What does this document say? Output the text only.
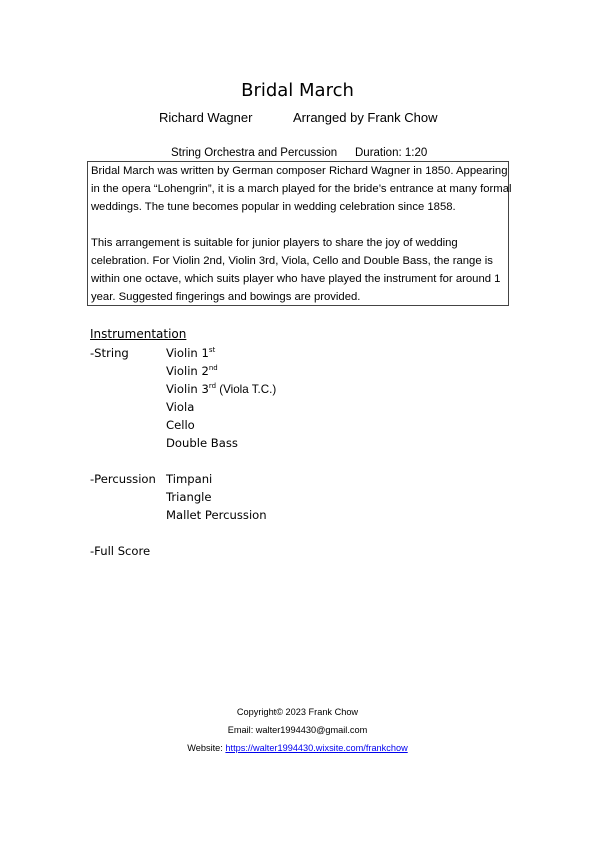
Bridal March
Richard Wagner	Arranged by Frank Chow
String Orchestra and Percussion Duration: 1:20
Bridal March was written by German composer Richard Wagner in 1850. Appearing
in the opera “Lohengrin”, it is a march played for the bride’s entrance at many formal
weddings. The tune becomes popular in wedding celebration since 1858.
This arrangement is suitable for junior players to share the joy of wedding
celebration. For Violin 2nd, Violin 3rd, Viola, Cello and Double Bass, the range is
within one octave, which suits player who have played the instrument for around 1
year. Suggested fingerings and bowings are provided.
Instrumentation
-String	Violin 1st
Violin 2nd
Violin 3rd (Viola T.C.)
Viola
Cello
Double Bass
-Percussion Timpani
Triangle
Mallet Percussion
-Full Score
Copyright© 2023 Frank Chow
Email: walter1994430@gmail.com
Website: https://walter1994430.wixsite.com/frankchow
